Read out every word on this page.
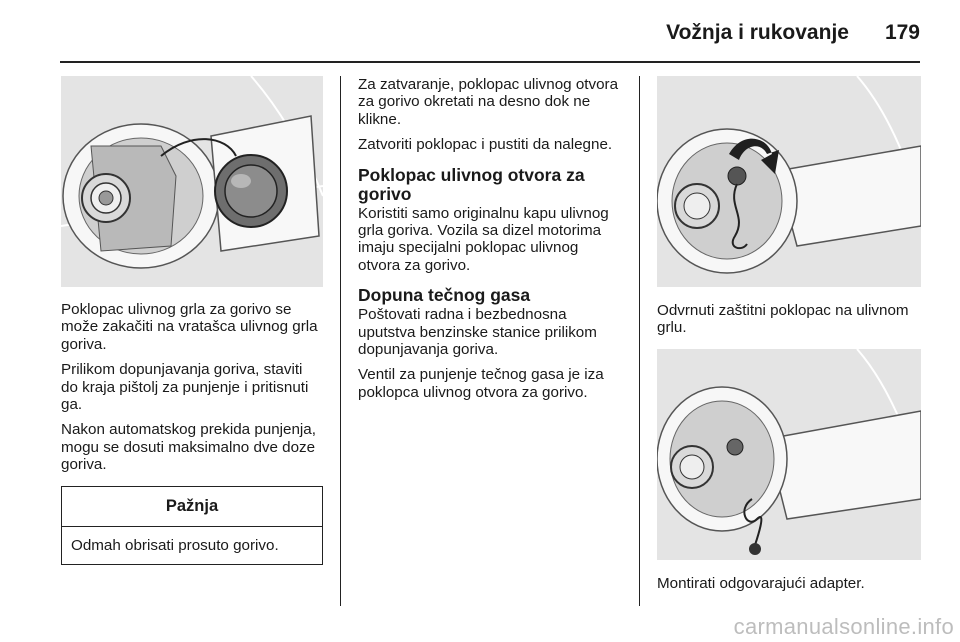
Vožnja i rukovanje 179

Poklopac ulivnog grla za gorivo se može zakačiti na vratašca ulivnog grla goriva.

Prilikom dopunjavanja goriva, staviti do kraja pištolj za punjenje i pritisnuti ga.

Nakon automatskog prekida punjenja, mogu se dosuti maksimalno dve doze goriva.

Pažnja
Odmah obrisati prosuto gorivo.

Za zatvaranje, poklopac ulivnog otvora za gorivo okretati na desno dok ne klikne.

Zatvoriti poklopac i pustiti da nalegne.

Poklopac ulivnog otvora za gorivo

Koristiti samo originalnu kapu ulivnog grla goriva. Vozila sa dizel motorima imaju specijalni poklopac ulivnog otvora za gorivo.

Dopuna tečnog gasa

Poštovati radna i bezbednosna uputstva benzinske stanice prilikom dopunjavanja goriva.

Ventil za punjenje tečnog gasa je iza poklopca ulivnog otvora za gorivo.

Odvrnuti zaštitni poklopac na ulivnom grlu.

Montirati odgovarajući adapter.

carmanualsonline.info
